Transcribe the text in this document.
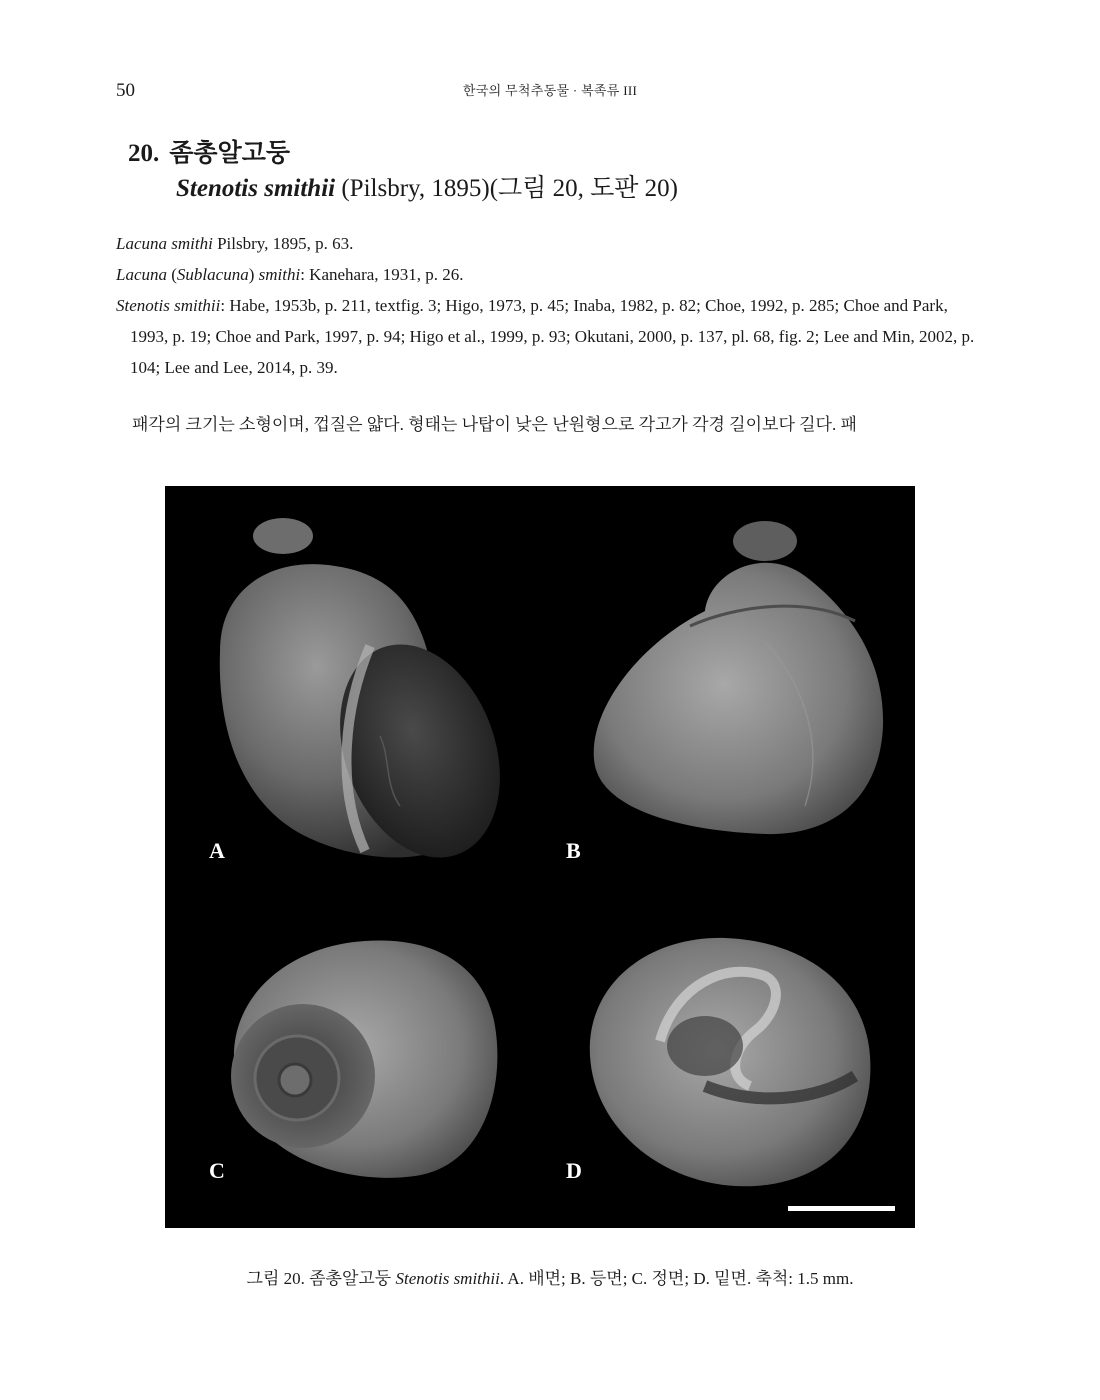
50	한국의 무척추동물 · 복족류 III
20. 좀총알고둥
Stenotis smithii (Pilsbry, 1895)(그림 20, 도판 20)

Lacuna smithi Pilsbry, 1895, p. 63.

Lacuna (Sublacuna) smithi: Kanehara, 1931, p. 26.

Stenotis smithii: Habe, 1953b, p. 211, textfig. 3; Higo, 1973, p. 45; Inaba, 1982, p. 82; Choe, 1992, p. 285; Choe and Park, 1993, p. 19; Choe and Park, 1997, p. 94; Higo et al., 1999, p. 93; Okutani, 2000, p. 137, pl. 68, fig. 2; Lee and Min, 2002, p. 104; Lee and Lee, 2014, p. 39.

패각의 크기는 소형이며, 껍질은 얇다. 형태는 나탑이 낮은 난원형으로 각고가 각경 길이보다 길다. 패
A	B
C	D
그림 20. 좀총알고둥 Stenotis smithii. A. 배면; B. 등면; C. 정면; D. 밑면. 축척: 1.5 mm.
